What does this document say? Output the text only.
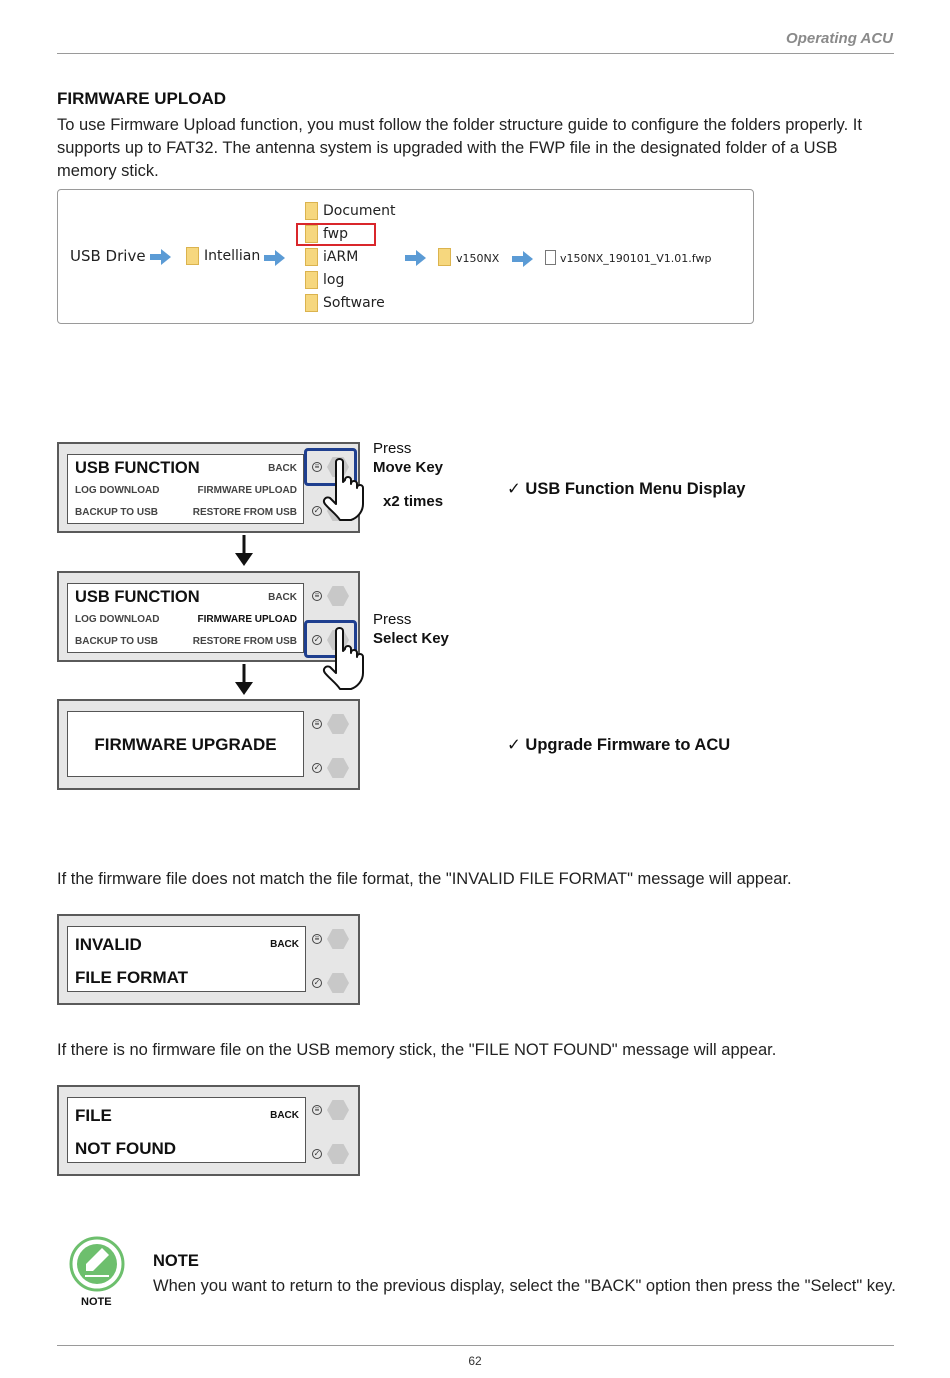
Operating ACU
FIRMWARE UPLOAD
To use Firmware Upload function, you must follow the folder structure guide to configure the folders properly. It supports up to FAT32. The antenna system is upgraded with the FWP file in the designated folder of a USB memory stick.
USB Drive	Intellian
Document
fwp
iARM
log
Software
v150NX	v150NX_190101_V1.01.fwp
USB FUNCTION	BACK
LOG DOWNLOAD	FIRMWARE UPLOAD
BACKUP TO USB	RESTORE FROM USB
≡
✓
Press
Move Key
x2 times
✓ USB Function Menu Display
USB FUNCTION	BACK
LOG DOWNLOAD	FIRMWARE UPLOAD
BACKUP TO USB	RESTORE FROM USB
≡
✓
Press
Select Key
FIRMWARE UPGRADE
≡
✓
✓ Upgrade Firmware to ACU
If the firmware file does not match the file format, the "INVALID FILE FORMAT" message will appear.
INVALID	BACK
FILE FORMAT
≡
✓
If there is no firmware file on the USB memory stick, the "FILE NOT FOUND" message will appear.
FILE	BACK
NOT FOUND
≡
✓
NOTE
NOTE
When you want to return to the previous display, select the "BACK" option then press the "Select" key.
62
